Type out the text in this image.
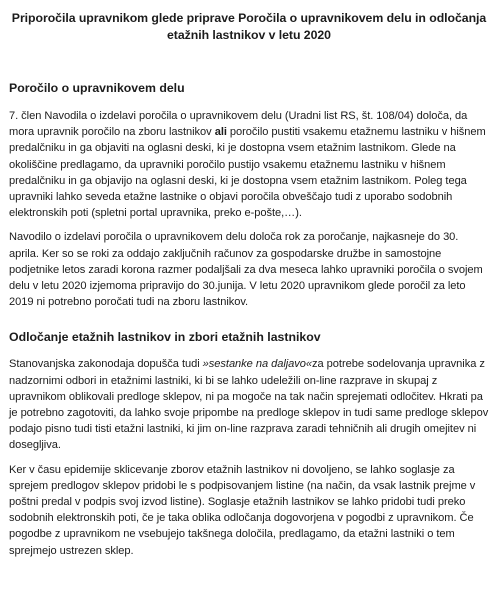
Priporočila upravnikom glede priprave Poročila o upravnikovem delu in odločanja
etažnih lastnikov v letu 2020
Poročilo o upravnikovem delu

7. člen Navodila o izdelavi poročila o upravnikovem delu (Uradni list RS, št. 108/04) določa, da mora upravnik poročilo na zboru lastnikov ali poročilo pustiti vsakemu etažnemu lastniku v hišnem predalčniku in ga objaviti na oglasni deski, ki je dostopna vsem etažnim lastnikom. Glede na okoliščine predlagamo, da upravniki poročilo pustijo vsakemu etažnemu lastniku v hišnem predalčniku in ga objavijo na oglasni deski, ki je dostopna vsem etažnim lastnikom. Poleg tega upravniki lahko seveda etažne lastnike o objavi poročila obveščajo tudi z uporabo sodobnih elektronskih poti (spletni portal upravnika, preko e-pošte,…).

Navodilo o izdelavi poročila o upravnikovem delu določa rok za poročanje, najkasneje do 30. aprila. Ker so se roki za oddajo zaključnih računov za gospodarske družbe in samostojne podjetnike letos zaradi korona razmer podaljšali za dva meseca lahko upravniki poročila o svojem delu v letu 2020 izjemoma pripravijo do 30.junija. V letu 2020 upravnikom glede poročil za leto 2019 ni potrebno poročati tudi na zboru lastnikov.

Odločanje etažnih lastnikov in zbori etažnih lastnikov

Stanovanjska zakonodaja dopušča tudi »sestanke na daljavo«za potrebe sodelovanja upravnika z nadzornimi odbori in etažnimi lastniki, ki bi se lahko udeležili on-line razprave in skupaj z upravnikom oblikovali predloge sklepov, ni pa mogoče na tak način sprejemati odločitev. Hkrati pa je potrebno zagotoviti, da lahko svoje pripombe na predloge sklepov in tudi same predloge sklepov podajo pisno tudi tisti etažni lastniki, ki jim on-line razprava zaradi tehničnih ali drugih omejitev ni dosegljiva.

Ker v času epidemije sklicevanje zborov etažnih lastnikov ni dovoljeno, se lahko soglasje za sprejem predlogov sklepov pridobi le s podpisovanjem listine (na način, da vsak lastnik prejme v poštni predal v podpis svoj izvod listine). Soglasje etažnih lastnikov se lahko pridobi tudi preko sodobnih elektronskih poti, če je taka oblika odločanja dogovorjena v pogodbi z upravnikom. Če pogodbe z upravnikom ne vsebujejo takšnega določila, predlagamo, da etažni lastniki o tem sprejmejo ustrezen sklep.
